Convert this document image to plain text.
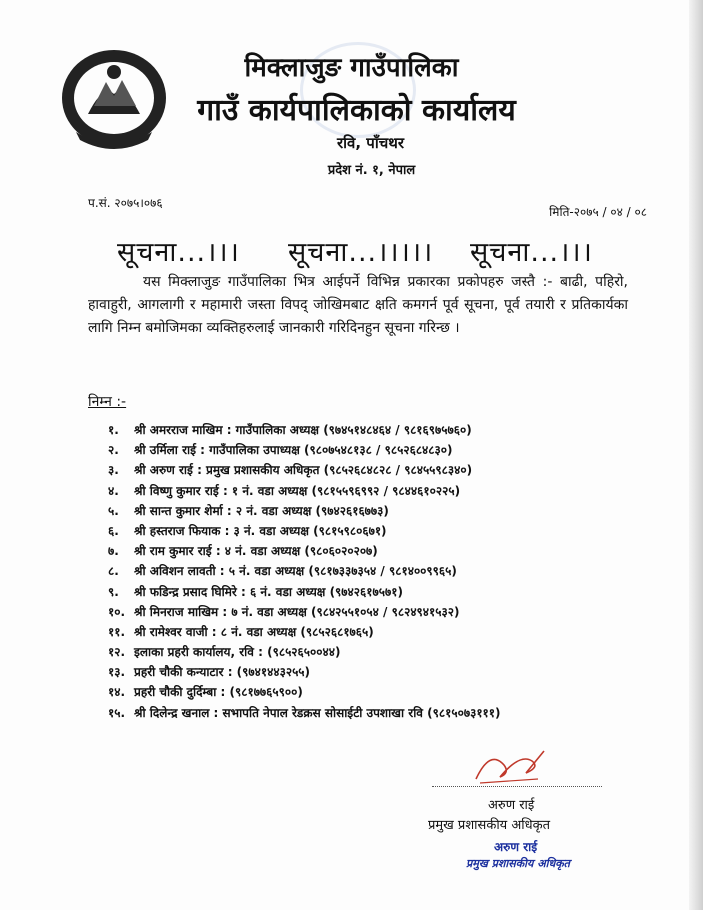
मिक्लाजुङ गाउँपालिका
गाउँ कार्यपालिकाको कार्यालय
रवि, पाँचथर
प्रदेश नं. १, नेपाल
प.सं. २०७५।०७६
मिति-२०७५ / ०४ / ०८
सूचना...।।। सूचना...।।।।। सूचना...।।।
यस मिक्लाजुङ गाउँपालिका भित्र आईपर्ने विभिन्न प्रकारका प्रकोपहरु जस्तै :- बाढी, पहिरो, हावाहुरी, आगलागी र महामारी जस्ता विपद् जोखिमबाट क्षति कमगर्न पूर्व सूचना, पूर्व तयारी र प्रतिकार्यका लागि निम्न बमोजिमका व्यक्तिहरुलाई जानकारी गरिदिनहुन सूचना गरिन्छ ।
निम्न :-
१. श्री अमरराज माखिम : गाउँपालिका अध्यक्ष (९७४५१४८४६४ / ९८१६९७५७६०)
२. श्री उर्मिला राई : गाउँपालिका उपाध्यक्ष (९८०७५४८१३८ / ९८५२६८४८३०)
३. श्री अरुण राई : प्रमुख प्रशासकीय अधिकृत (९८५२६८४८२८ / ९८४५५९८३४०)
४. श्री विष्णु कुमार राई : १ नं. वडा अध्यक्ष (९८१५५९६९९२ / ९८४४६१०२२५)
५. श्री सान्त कुमार शेर्मा : २ नं. वडा अध्यक्ष (९७४२६१६७७३)
६. श्री हस्तराज फियाक : ३ नं. वडा अध्यक्ष (९८१५९८०६७१)
७. श्री राम कुमार राई : ४ नं. वडा अध्यक्ष (९८०६०२०२०७)
८. श्री अविशन लावती : ५ नं. वडा अध्यक्ष (९८१७३३७३५४ / ९८१४००९९६५)
९. श्री फडिन्द्र प्रसाद घिमिरे : ६ नं. वडा अध्यक्ष (९७४२६१७५७१)
१०. श्री मिनराज माखिम : ७ नं. वडा अध्यक्ष (९८४२५५१०५४ / ९८२४९४१५३२)
११. श्री रामेश्वर वाजी : ८ नं. वडा अध्यक्ष (९८५२६८१७६५)
१२. इलाका प्रहरी कार्यालय, रवि : (९८५२६५००४४)
१३. प्रहरी चौकी कन्याटार : (९७४१४४३२५५)
१४. प्रहरी चौकी दुर्दिम्बा : (९८१७७६५९००)
१५. श्री दिलेन्द्र खनाल : सभापति नेपाल रेडक्रस सोसाईटी उपशाखा रवि (९८१५०७३१११)
अरुण राई
प्रमुख प्रशासकीय अधिकृत
अरुण राई
प्रमुख प्रशासकीय अधिकृत
